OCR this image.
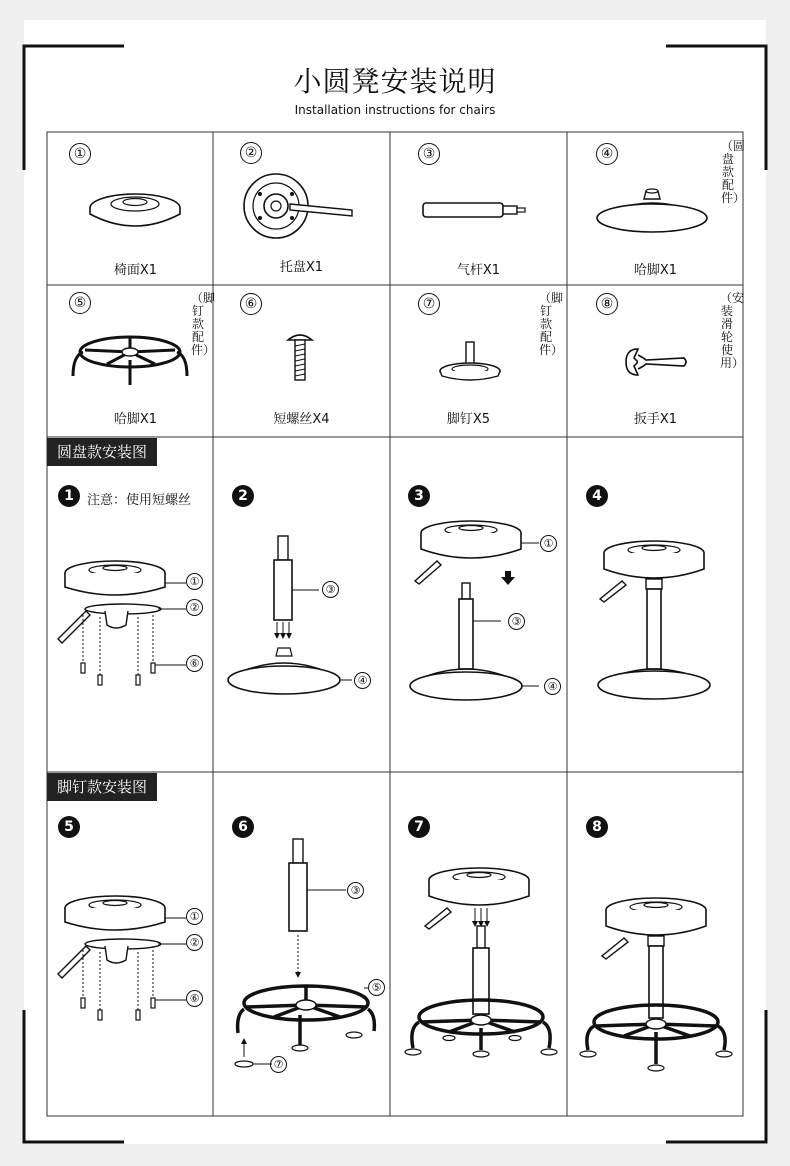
小圆凳安装说明
Installation instructions for chairs
①
椅面X1
②
托盘X1
③
气杆X1
④
哈脚X1
（圆盘款配件）
⑤
哈脚X1
（脚钉款配件）
⑥
短螺丝X4
⑦
脚钉X5
（脚钉款配件）
⑧
扳手X1
（安装滑轮使用）
圆盘款安装图
1	注意：使用短螺丝
①
②
⑥
2
③
④
3
①
③
④
4
脚钉款安装图
5
①
②
⑥
6
③
⑤
⑦
7	8
